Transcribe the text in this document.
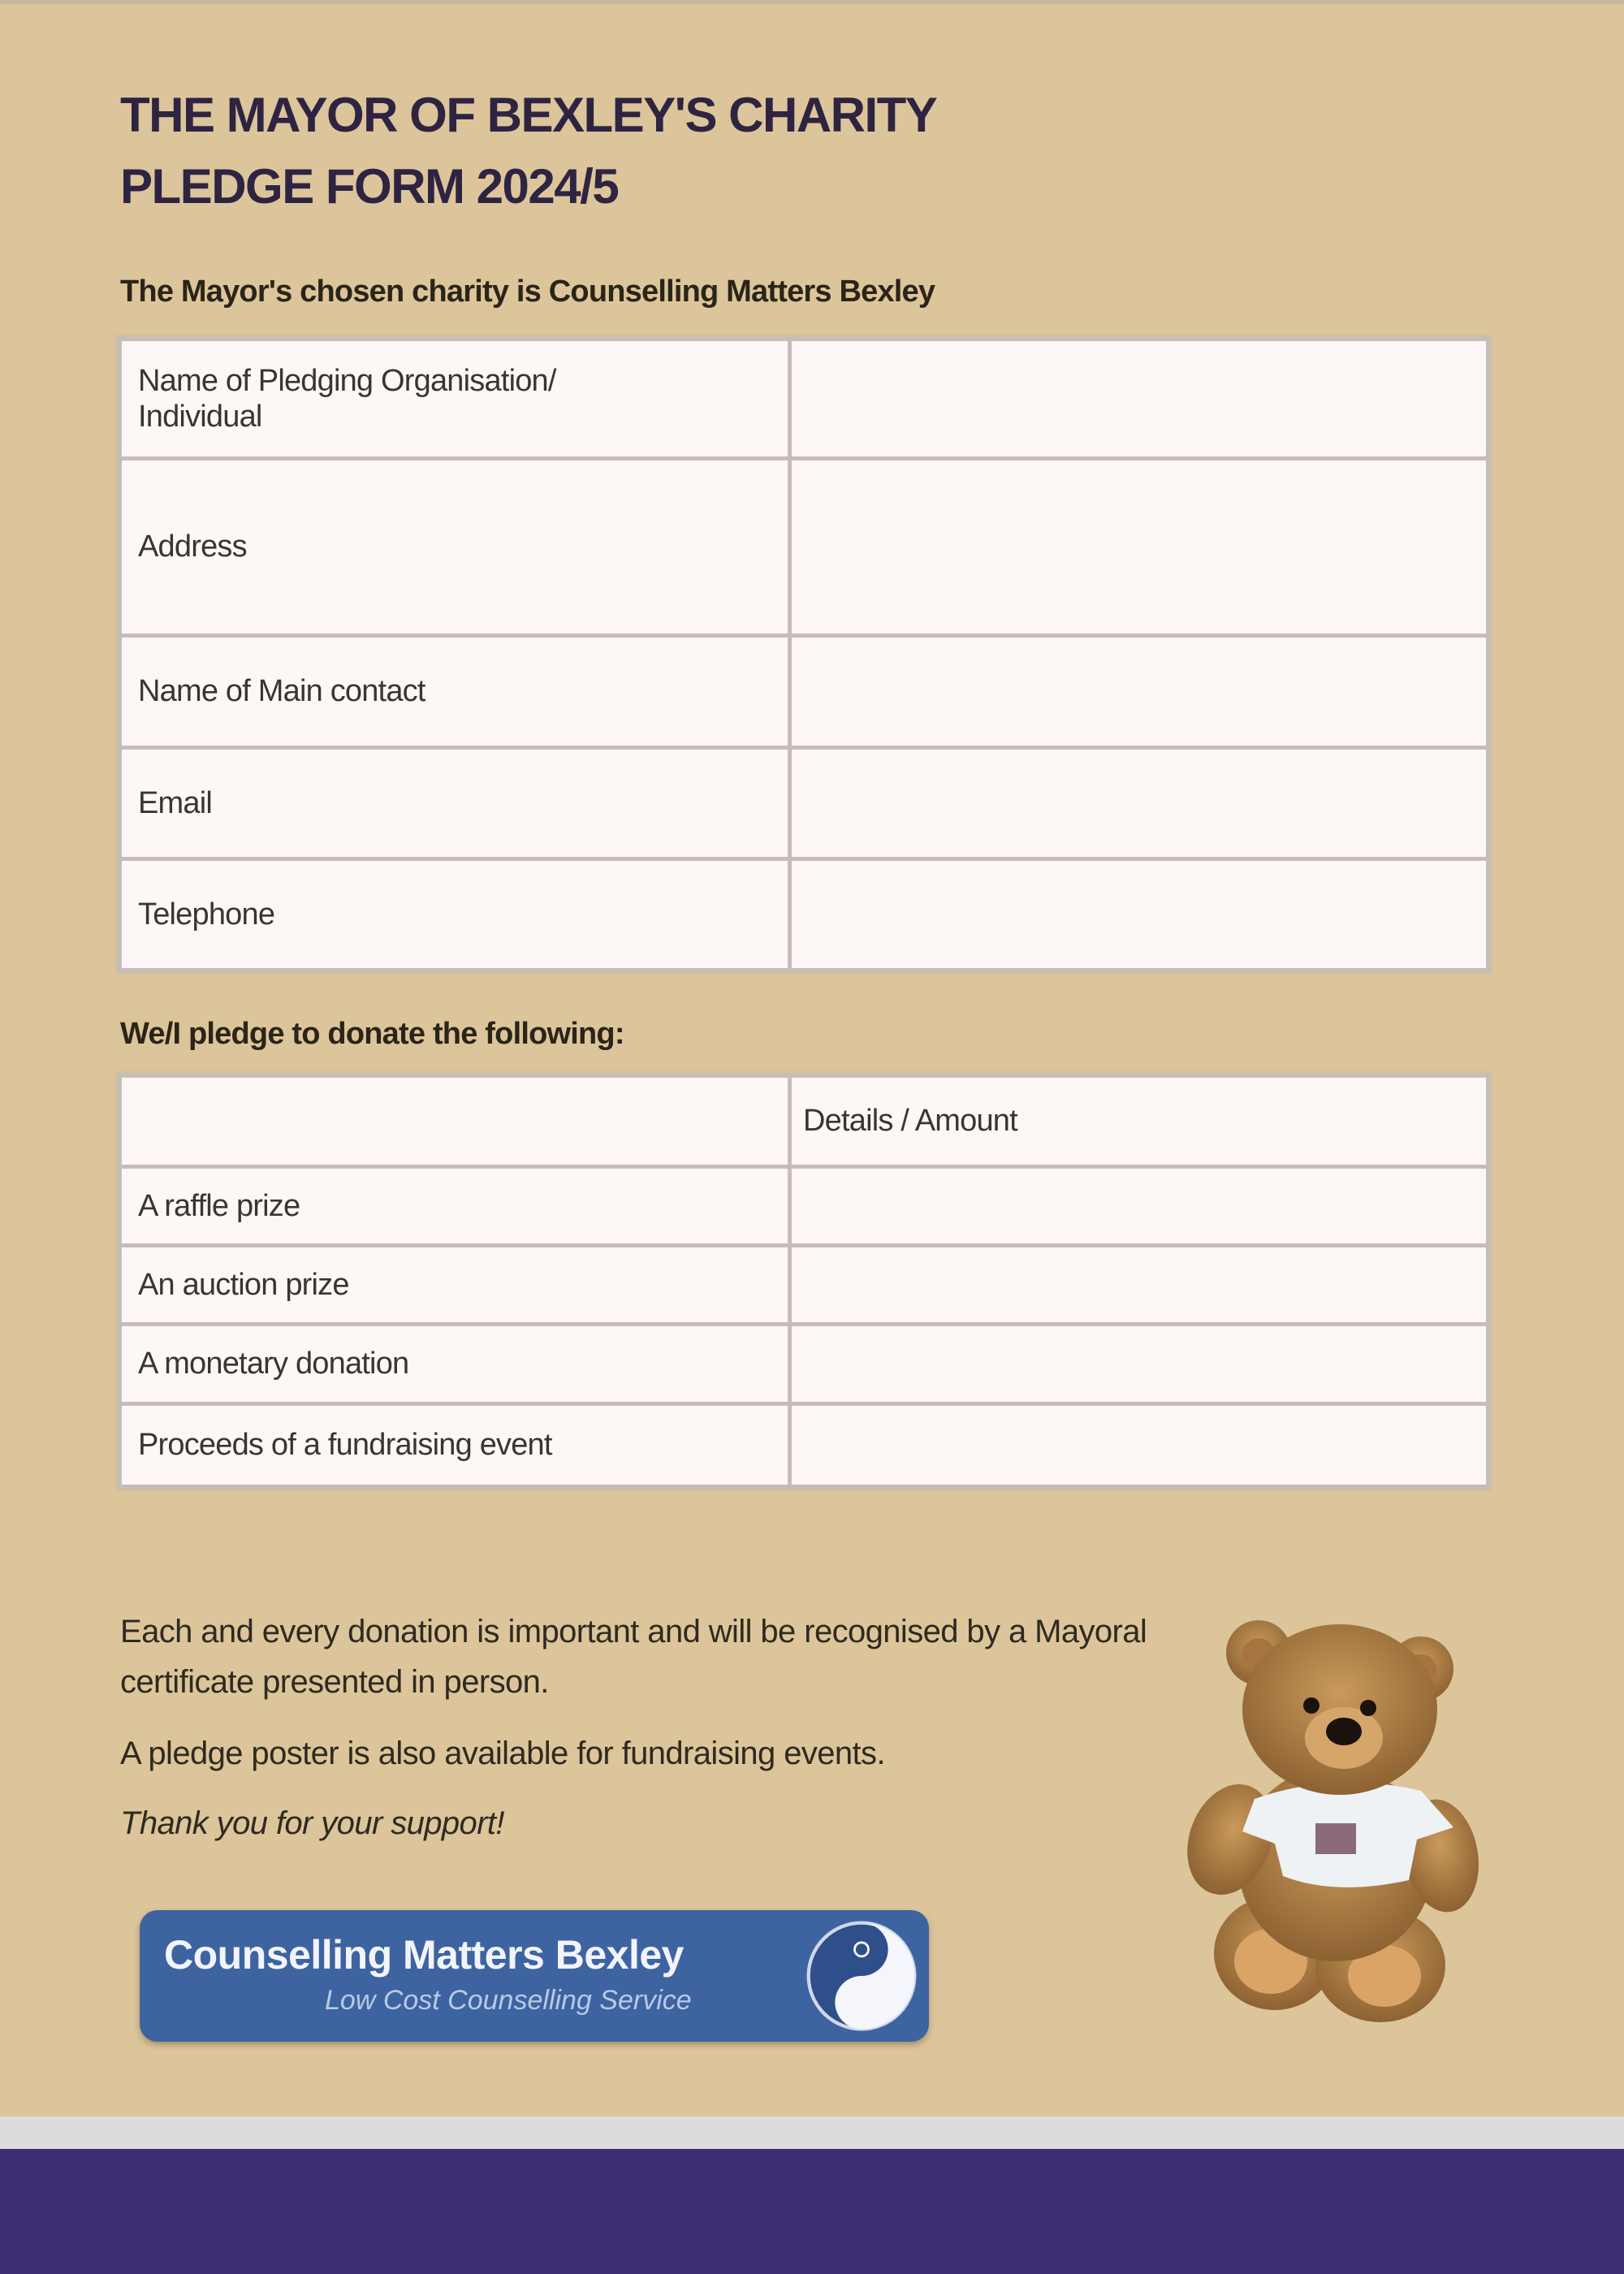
THE MAYOR OF BEXLEY'S CHARITY
PLEDGE FORM 2024/5
The Mayor's chosen charity is Counselling Matters Bexley
Name of Pledging Organisation/
Individual	
Address	
Name of Main contact	
Email	
Telephone	
We/I pledge to donate the following:
	Details / Amount
A raffle prize	
An auction prize	
A monetary donation	
Proceeds of a fundraising event	

Each and every donation is important and will be recognised by a Mayoral certificate presented in person.

A pledge poster is also available for fundraising events.

Thank you for your support!

Counselling Matters Bexley
Low Cost Counselling Service
